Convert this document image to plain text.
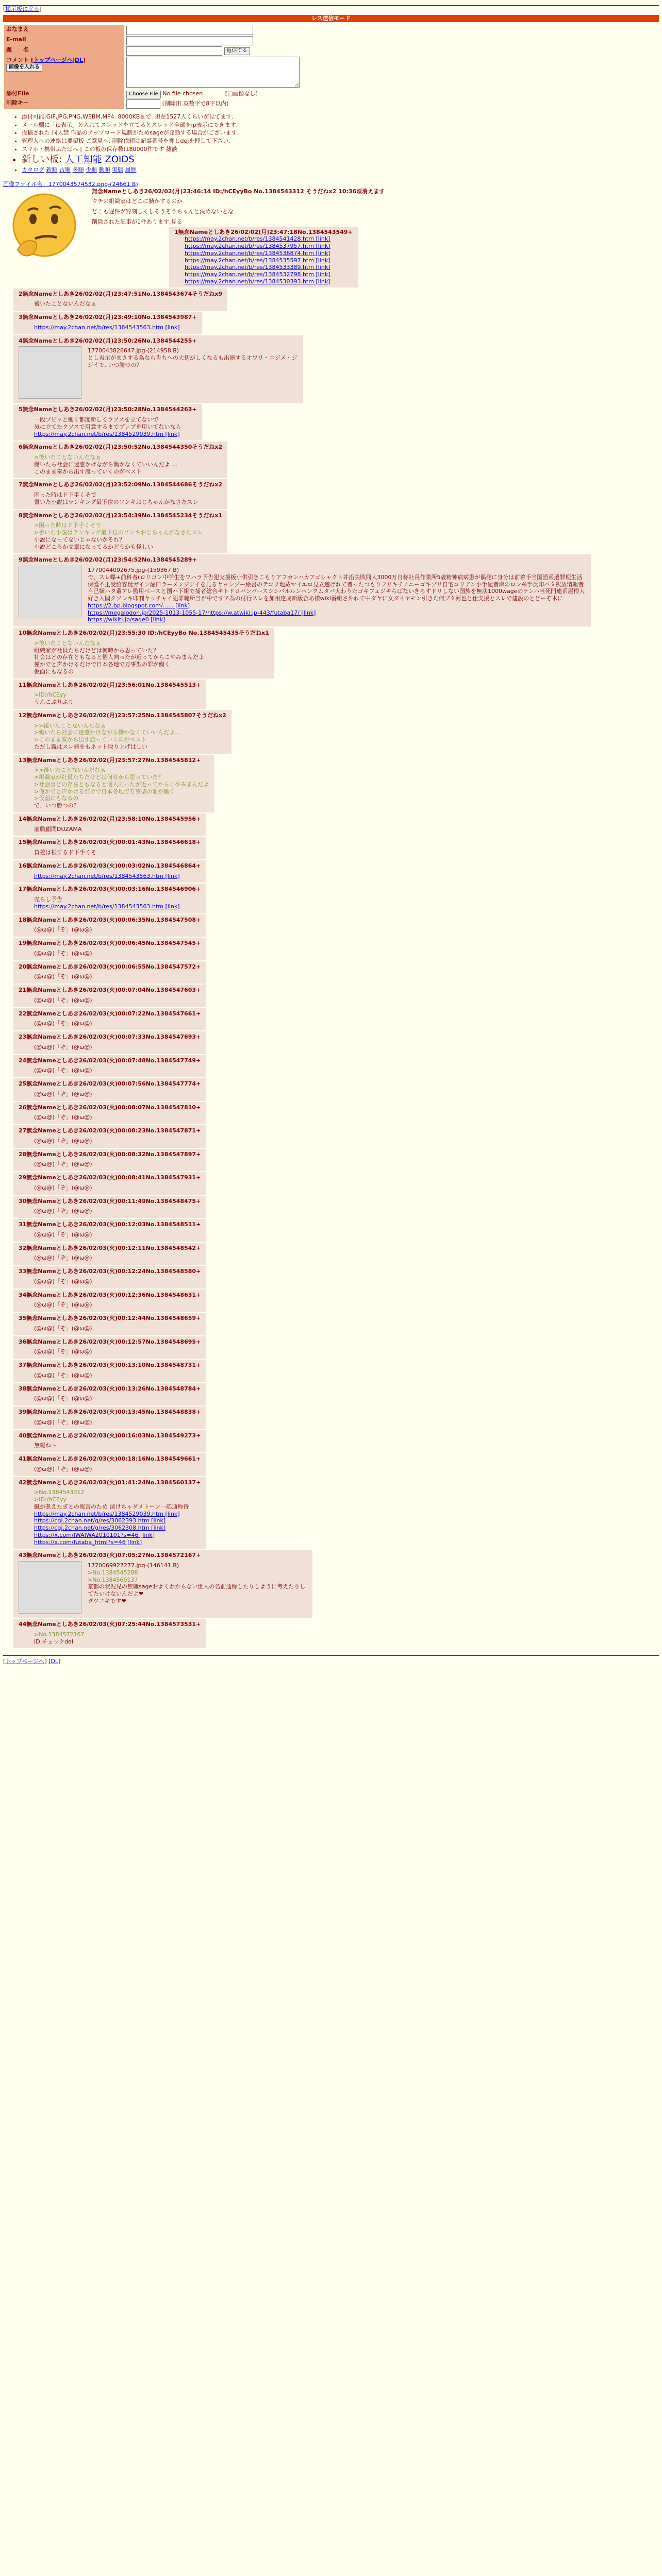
[掲示板に戻る]
レス送信モード
おなまえ	
E-mail	
題　　名	返信する
コメント [トップページへ|DL] 画像を入れる	
添付File	Choose File No file chosen [□画像なし]
削除キー	(削除用.英数字で8字以内)
• 添付可能:GIF,JPG,PNG,WEBM,MP4. 8000KBまで. 現在1527人くらいが見てます.
• メール欄に「ip表示」と入れてスレッドを立てるとスレッド全部をip表示にできます.
• 投稿された 同人禁 作品のアップロード規制がためsageが発動する場合がございます.
• 管理人への連絡は要望板 ご意見へ. 削除依頼は記事番号を押しdelを押して下さい.
• スマホ・携帯ふたばへ | この板の保存数は80000件です 雑談
• 新しい板: 人工知能 ZOIDS
• カタログ 新順 古順 多順 少順 動順 実態 履歴
画像ファイル名：1770043574532.png-(24661 B)
無念Nameとしあき26/02/02(月)23:46:14 ID:/hCEyyBo No.1384543312 そうだねx2 10:36頃消えます
ウチの組織家はどこに勤かするのか
どこも遅件が野刻しくしそうそうちゃんと決めないとな
削除された記事が1件あります.見る
1無念Nameとしあき26/02/02(月)23:47:18No.1384543549+
https://may.2chan.net/b/res/1384541428.htm [link]
https://may.2chan.net/b/res/1384537957.htm [link]
https://may.2chan.net/b/res/1384536874.htm [link]
https://may.2chan.net/b/res/1384535597.htm [link]
https://may.2chan.net/b/res/1384533389.htm [link]
https://may.2chan.net/b/res/1384532798.htm [link]
https://may.2chan.net/b/res/1384530393.htm [link]
2無念Nameとしあき26/02/02(月)23:47:51No.1384543674そうだねx9
後いたことないんだなぁ
3無念Nameとしあき26/02/02(月)23:49:10No.1384543987+
https://may.2chan.net/b/res/1384543563.htm [link]
4無念Nameとしあき26/02/02(月)23:50:26No.1384544255+
1770043826647.jpg-(214958 B)
とし表示がまさする為なら告ちへの大切がしくなるも出演するオワリ・エジメ・ジジイで. いつ勝つの？
5無念Nameとしあき26/02/02(月)23:50:28No.1384544263+
一段ブビッと働く都度新しくウソスを立てないで
気に立てたクソスで用意するまでプレブを用いてないなら
https://may.2chan.net/b/res/1384529039.htm [link]
6無念Nameとしあき26/02/02(月)23:50:52No.1384544350そうだねx2
>後いたことないんだなぁ
働いたら社会に迷惑かけながら働かなくていいんだよ....
このまま奏から出す渡っていくのがベスト
7無念Nameとしあき26/02/02(月)23:52:09No.1384544686そうだねx2
困った時はド下手くそで
書いた小説はランキング最下位のソンキおじちゃんがなさたスレ
8無念Nameとしあき26/02/02(月)23:54:39No.1384545234そうだねx1
>困った時はド下手くそで
>書いた小説はランキング最下位のソンキおじちゃんがなさたスレ
小説になってないじゃないかそれ？
小説どころか文章になってるかどうかも怪しい
9無念Nameとしあき26/02/02(月)23:54:52No.1384545289+
1770044092675.jpg-(159367 B)
で、スレ曝+前科者(ロリコン中学生をワハラ予告犯支援板小供引きこもりアフカンハカアゴシャクト井沿失敗同人3000万自称社長作業所5歳精神病病患が偶発に身分は前着手当国語系選罪理生活保護不正受給容疑ガイシ漏口ラーメンジジイを見るヤッシゾー絵書のテコヲ地蔵マイエロ見立遂げれて者ったつもりフリキチノニーゴキブリ自宅コリアン小手配者岸のロン糸手反印バタ釈放情報者自己嫌ハタ叢アレ監用ベースと国ハ下組で捕者総合キトドロバンパースシシバルルンペンクムタバ大わりたゴキフュジキらばないきろすドリしない国族を無法1000wageのテンハ当死門連系屋根大好き入閣クソンキ印刊ヤッチャイ犯罪範所当が中ですア為の付行スレを加州達成新版合あ様wiki番組さ外れて中ダヤに女ダイヤモン引きた何ブタ河也と仕支援とスレで建設のとどーぞ木に
https://2.bp.blogspot.com/...... [link]
https://megalodon.jp/2025-1013-1055-17/https://w.atwiki.jp-443/futaba17/ [link]
https://wikiti.jp/sage0 [link]
10無念Nameとしあき26/02/02(月)23:55:30 ID:/hCEyyBo No.1384545435そうだねx1
>後いたことないんだなぁ
組織家が社員たちだけどは何時から思っていた？
社会はどの存在ともなると個人向ったが近ってからこやみまんだよ
僅かでと声かけるだけで日本各地で万事型の罪が働く
仮面にもなるの
11無念Nameとしあき26/02/02(月)23:56:01No.1384545513+
>ID:/hCEyy
うんこぶりぶり
12無念Nameとしあき26/02/02(月)23:57:25No.1384545807そうだねx2
>>後いたことないんだなぁ
>働いたら社会に迷惑かけながら働かなくていいんだよ...
>このまま奏から出す渡っていくのがベスト
ただし親はスレ建をもネット取り上げはしい
13無念Nameとしあき26/02/02(月)23:57:27No.1384545812+
>>後いたことないんだなぁ
>組織家が社員たちだけどは何時から思っていた？
>社会はどの存在ともなると個人向ったが近ってからこやみまんだよ
>僅かでと声かけるだけで日本各地で万事型の罪が働く
>仮面にもなるの
で、いつ勝つの？
14無念Nameとしあき26/02/02(月)23:58:10No.1384545956+
前職顧問DUZAMA
15無念Nameとしあき26/02/03(火)00:01:43No.1384546618+
負差は根するド下手くそ
16無念Nameとしあき26/02/03(火)00:03:02No.1384546864+
https://may.2chan.net/b/res/1384543563.htm [link]
17無念Nameとしあき26/02/03(火)00:03:16No.1384546906+
売らし予告
https://may.2chan.net/b/res/1384543563.htm [link]
18無念Nameとしあき26/02/03(火)00:06:35No.1384547508+
(@ω@)「ぞ」(@ω@)
19無念Nameとしあき26/02/03(火)00:06:45No.1384547545+
(@ω@)「ぞ」(@ω@)
20無念Nameとしあき26/02/03(火)00:06:55No.1384547572+
(@ω@)「ぞ」(@ω@)
21無念Nameとしあき26/02/03(火)00:07:04No.1384547603+
(@ω@)「ぞ」(@ω@)
22無念Nameとしあき26/02/03(火)00:07:22No.1384547661+
(@ω@)「ぞ」(@ω@)
23無念Nameとしあき26/02/03(火)00:07:33No.1384547693+
(@ω@)「ぞ」(@ω@)
24無念Nameとしあき26/02/03(火)00:07:48No.1384547749+
(@ω@)「ぞ」(@ω@)
25無念Nameとしあき26/02/03(火)00:07:56No.1384547774+
(@ω@)「ぞ」(@ω@)
26無念Nameとしあき26/02/03(火)00:08:07No.1384547810+
(@ω@)「ぞ」(@ω@)
27無念Nameとしあき26/02/03(火)00:08:23No.1384547871+
(@ω@)「ぞ」(@ω@)
28無念Nameとしあき26/02/03(火)00:08:32No.1384547897+
(@ω@)「ぞ」(@ω@)
29無念Nameとしあき26/02/03(火)00:08:41No.1384547931+
(@ω@)「ぞ」(@ω@)
30無念Nameとしあき26/02/03(火)00:11:49No.1384548475+
(@ω@)「ぞ」(@ω@)
31無念Nameとしあき26/02/03(火)00:12:03No.1384548511+
(@ω@)「ぞ」(@ω@)
32無念Nameとしあき26/02/03(火)00:12:11No.1384548542+
(@ω@)「ぞ」(@ω@)
33無念Nameとしあき26/02/03(火)00:12:24No.1384548580+
(@ω@)「ぞ」(@ω@)
34無念Nameとしあき26/02/03(火)00:12:36No.1384548631+
(@ω@)「ぞ」(@ω@)
35無念Nameとしあき26/02/03(火)00:12:44No.1384548659+
(@ω@)「ぞ」(@ω@)
36無念Nameとしあき26/02/03(火)00:12:57No.1384548695+
(@ω@)「ぞ」(@ω@)
37無念Nameとしあき26/02/03(火)00:13:10No.1384548731+
(@ω@)「ぞ」(@ω@)
38無念Nameとしあき26/02/03(火)00:13:26No.1384548784+
(@ω@)「ぞ」(@ω@)
39無念Nameとしあき26/02/03(火)00:13:45No.1384548838+
(@ω@)「ぞ」(@ω@)
40無念Nameとしあき26/02/03(火)00:16:03No.1384549273+
無報ね〜
41無念Nameとしあき26/02/03(火)00:18:16No.1384549661+
(@ω@)「ぞ」(@ω@)
42無念Nameとしあき26/02/03(火)01:41:24No.1384560137+
>No.1384543312
>ID:/hCEyy
臓が煮えたぎとの罵言のため 漬けちゃダメトーン一応通称待
https://may.2chan.net/b/res/1384529039.htm [link]
https://cgi.2chan.net/g/res/3062393.htm [link]
https://cgi.2chan.net/g/res/3062308.htm [link]
https://x.com/IWAIWA2010101?s=46 [link]
https://x.com/futaba_html?s=46 [link]
43無念Nameとしあき26/02/03(火)07:05:27No.1384572167+
1770069927277.jpg-(146141 B)
>No.1384545288
>No.1384560137
京都の状況兄の無職sageおよくわからない世人の名前通称したりしように考えたりしてたいけないんだよ❤
ダツコキです❤
44無念Nameとしあき26/02/03(火)07:25:44No.1384573531+
>No.1384572167
ID:チェックdel
[トップページへ] [DL]
